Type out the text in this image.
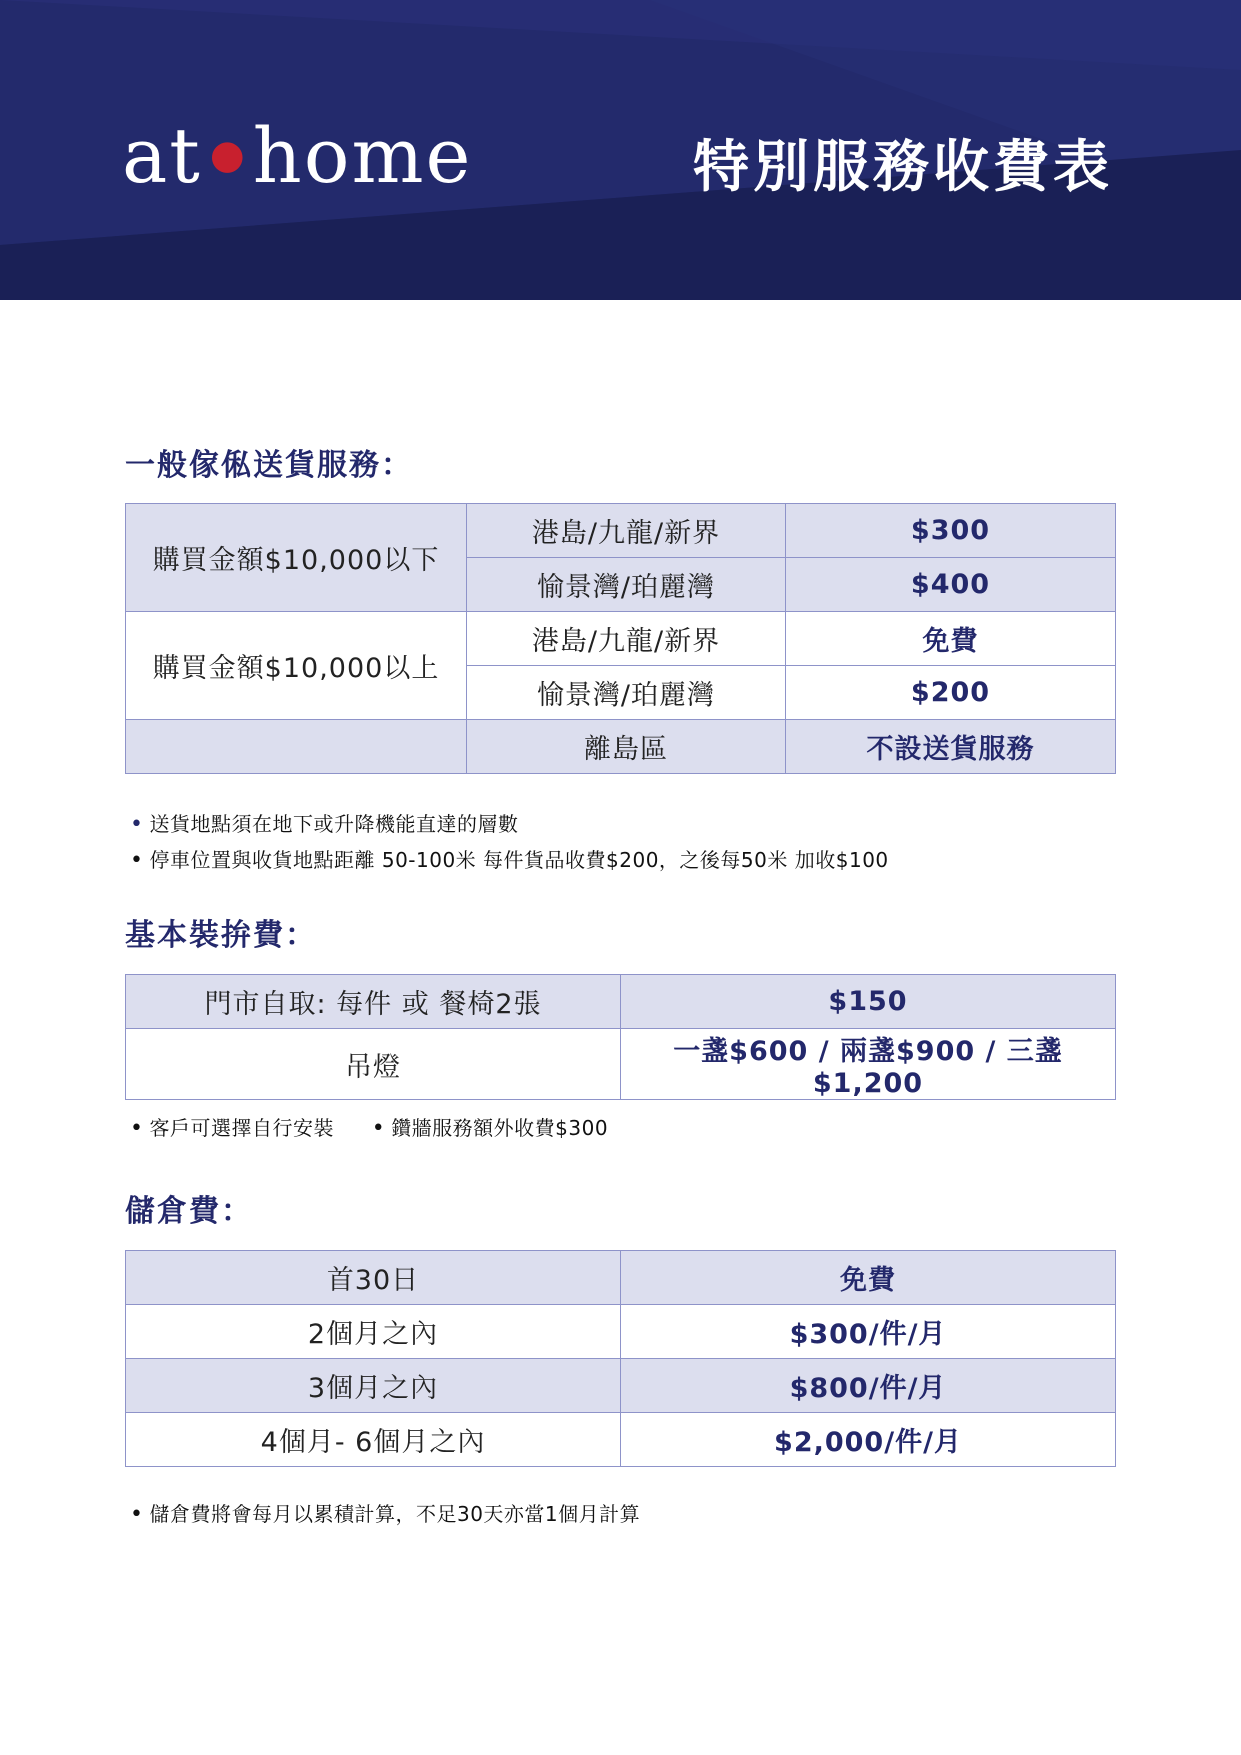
at ●home	特別服務收費表
一般傢俬送貨服務：
購買金額$10,000以下	港島/九龍/新界	$300
	愉景灣/珀麗灣	$400
購買金額$10,000以上	港島/九龍/新界	免費
	愉景灣/珀麗灣	$200
	離島區	不設送貨服務
• 送貨地點須在地下或升降機能直達的層數
• 停車位置與收貨地點距離 50-100米 每件貨品收費$200，之後每50米 加收$100
基本裝拚費：
門市自取: 每件 或 餐椅2張	$150
吊燈	一盞$600 / 兩盞$900 / 三盞$1,200
• 客戶可選擇自行安裝 • 鑽牆服務額外收費$300
儲倉費：
首30日	免費
2個月之內	$300/件/月
3個月之內	$800/件/月
4個月- 6個月之內	$2,000/件/月
• 儲倉費將會每月以累積計算，不足30天亦當1個月計算
